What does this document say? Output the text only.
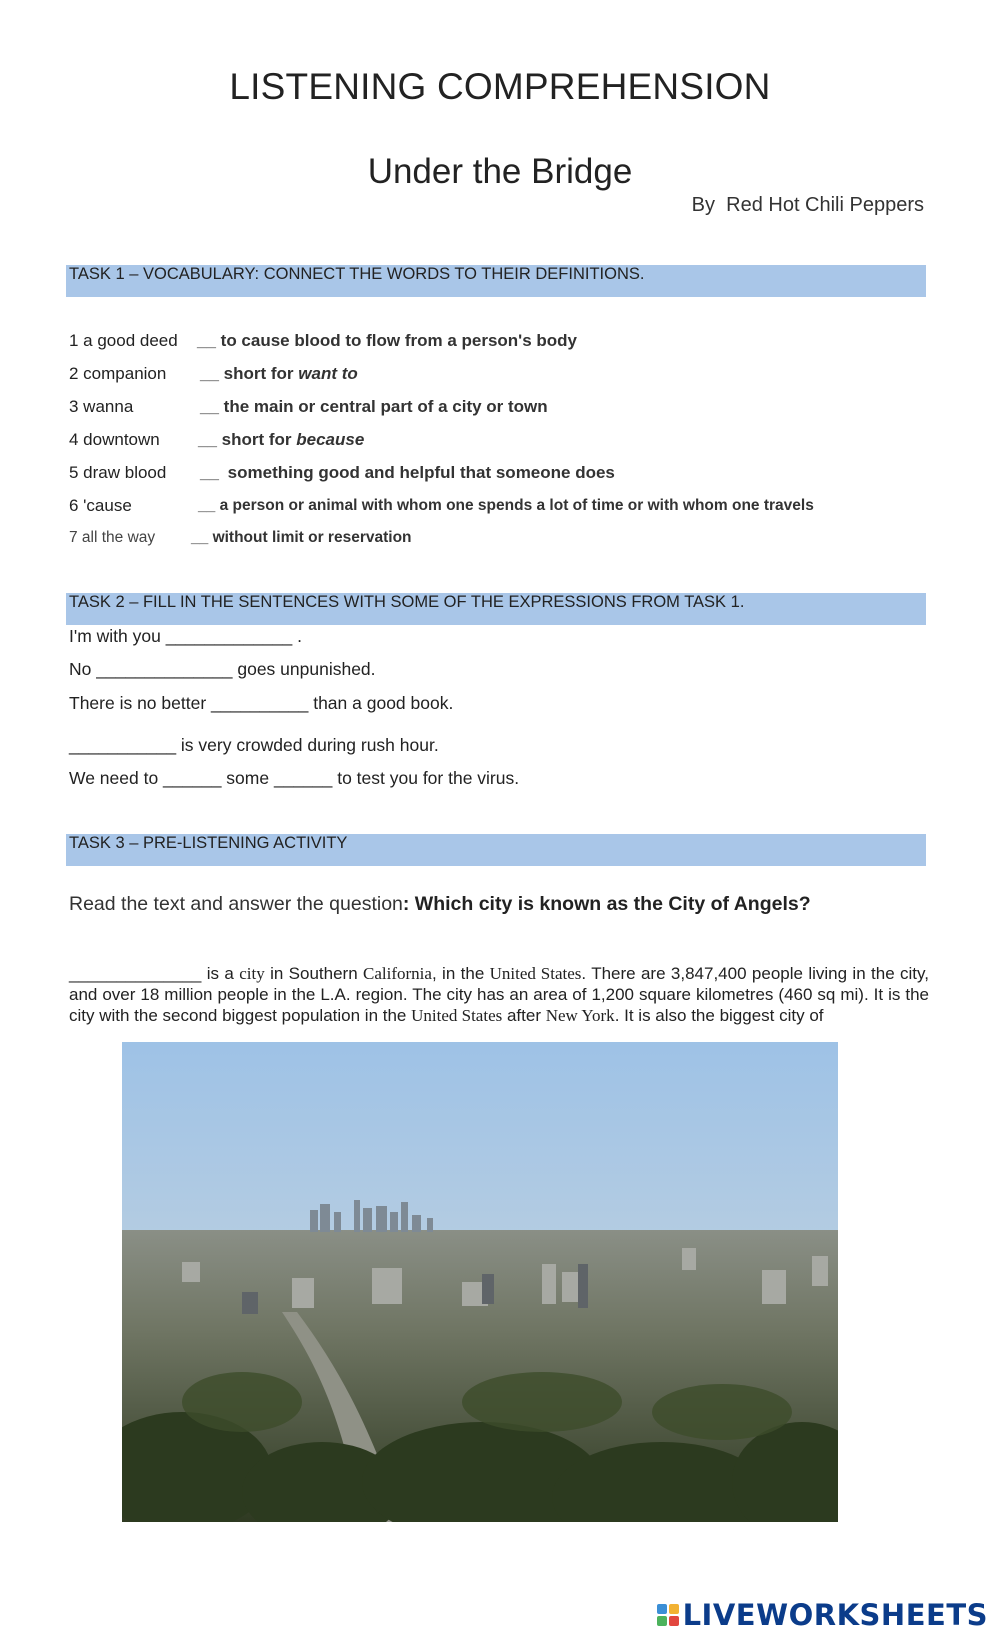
LISTENING COMPREHENSION
Under the Bridge
By  Red Hot Chili Peppers
TASK 1 – VOCABULARY: CONNECT THE WORDS TO THEIR DEFINITIONS.
1 a good deed __ to cause blood to flow from a person's body
2 companion __ short for want to
3 wanna	__ the main or central part of a city or town
4 downtown __ short for because
5 draw blood __ something good and helpful that someone does
6 'cause	__ a person or animal with whom one spends a lot of time or with whom one travels
7 all the way __ without limit or reservation
TASK 2 – FILL IN THE SENTENCES WITH SOME OF THE EXPRESSIONS FROM TASK 1.
I'm with you _____________ .
No ______________ goes unpunished.
There is no better __________ than a good book.
___________ is very crowded during rush hour.
We need to ______ some ______ to test you for the virus.
TASK 3 – PRE-LISTENING ACTIVITY
Read the text and answer the question: Which city is known as the City of Angels?
______________ is a city in Southern California, in the United States. There are 3,847,400 people living in the city, and over 18 million people in the L.A. region. The city has an area of 1,200 square kilometres (460 sq mi). It is the city with the second biggest population in the United States after New York. It is also the biggest city of
LIVEWORKSHEETS
